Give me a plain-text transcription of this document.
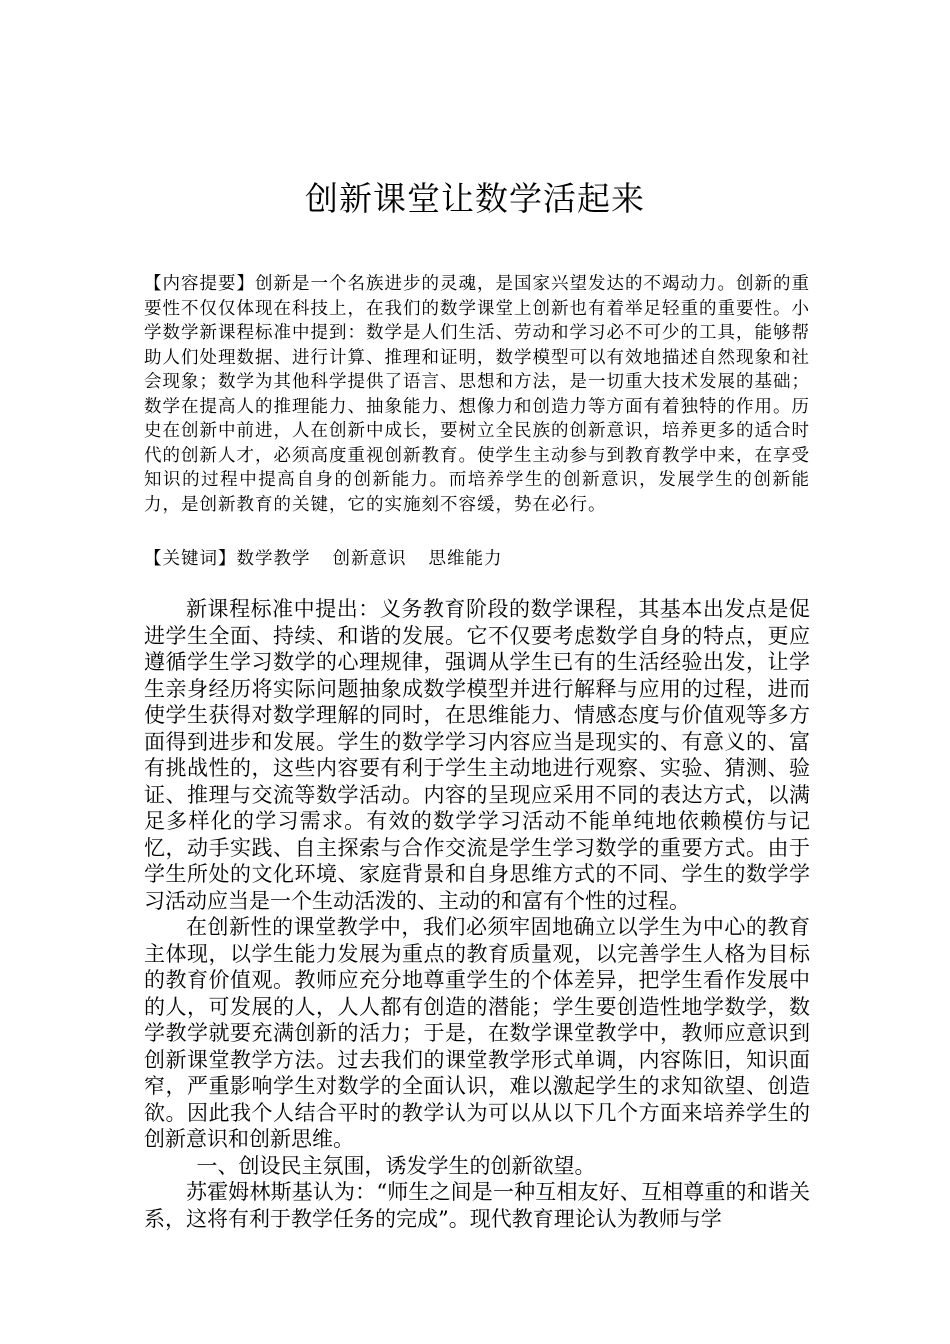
创新课堂让数学活起来

【内容提要】创新是一个名族进步的灵魂，是国家兴望发达的不竭动力。创新的重要性不仅仅体现在科技上，在我们的数学课堂上创新也有着举足轻重的重要性。小学数学新课程标准中提到：数学是人们生活、劳动和学习必不可少的工具，能够帮助人们处理数据、进行计算、推理和证明，数学模型可以有效地描述自然现象和社会现象；数学为其他科学提供了语言、思想和方法，是一切重大技术发展的基础；数学在提高人的推理能力、抽象能力、想像力和创造力等方面有着独特的作用。历史在创新中前进，人在创新中成长，要树立全民族的创新意识，培养更多的适合时代的创新人才，必须高度重视创新教育。使学生主动参与到教育教学中来，在享受知识的过程中提高自身的创新能力。而培养学生的创新意识，发展学生的创新能力，是创新教育的关键，它的实施刻不容缓，势在必行。

【关键词】数学教学 创新意识 思维能力

新课程标准中提出：义务教育阶段的数学课程，其基本出发点是促进学生全面、持续、和谐的发展。它不仅要考虑数学自身的特点，更应遵循学生学习数学的心理规律，强调从学生已有的生活经验出发，让学生亲身经历将实际问题抽象成数学模型并进行解释与应用的过程，进而使学生获得对数学理解的同时，在思维能力、情感态度与价值观等多方面得到进步和发展。学生的数学学习内容应当是现实的、有意义的、富有挑战性的，这些内容要有利于学生主动地进行观察、实验、猜测、验证、推理与交流等数学活动。内容的呈现应采用不同的表达方式，以满足多样化的学习需求。有效的数学学习活动不能单纯地依赖模仿与记忆，动手实践、自主探索与合作交流是学生学习数学的重要方式。由于学生所处的文化环境、家庭背景和自身思维方式的不同、学生的数学学习活动应当是一个生动活泼的、主动的和富有个性的过程。

在创新性的课堂教学中，我们必须牢固地确立以学生为中心的教育主体现，以学生能力发展为重点的教育质量观，以完善学生人格为目标的教育价值观。教师应充分地尊重学生的个体差异，把学生看作发展中的人，可发展的人，人人都有创造的潜能；学生要创造性地学数学，数学教学就要充满创新的活力；于是，在数学课堂教学中，教师应意识到创新课堂教学方法。过去我们的课堂教学形式单调，内容陈旧，知识面窄，严重影响学生对数学的全面认识，难以激起学生的求知欲望、创造欲。因此我个人结合平时的教学认为可以从以下几个方面来培养学生的创新意识和创新思维。

一、创设民主氛围，诱发学生的创新欲望。

苏霍姆林斯基认为：“师生之间是一种互相友好、互相尊重的和谐关系，这将有利于教学任务的完成”。现代教育理论认为教师与学
